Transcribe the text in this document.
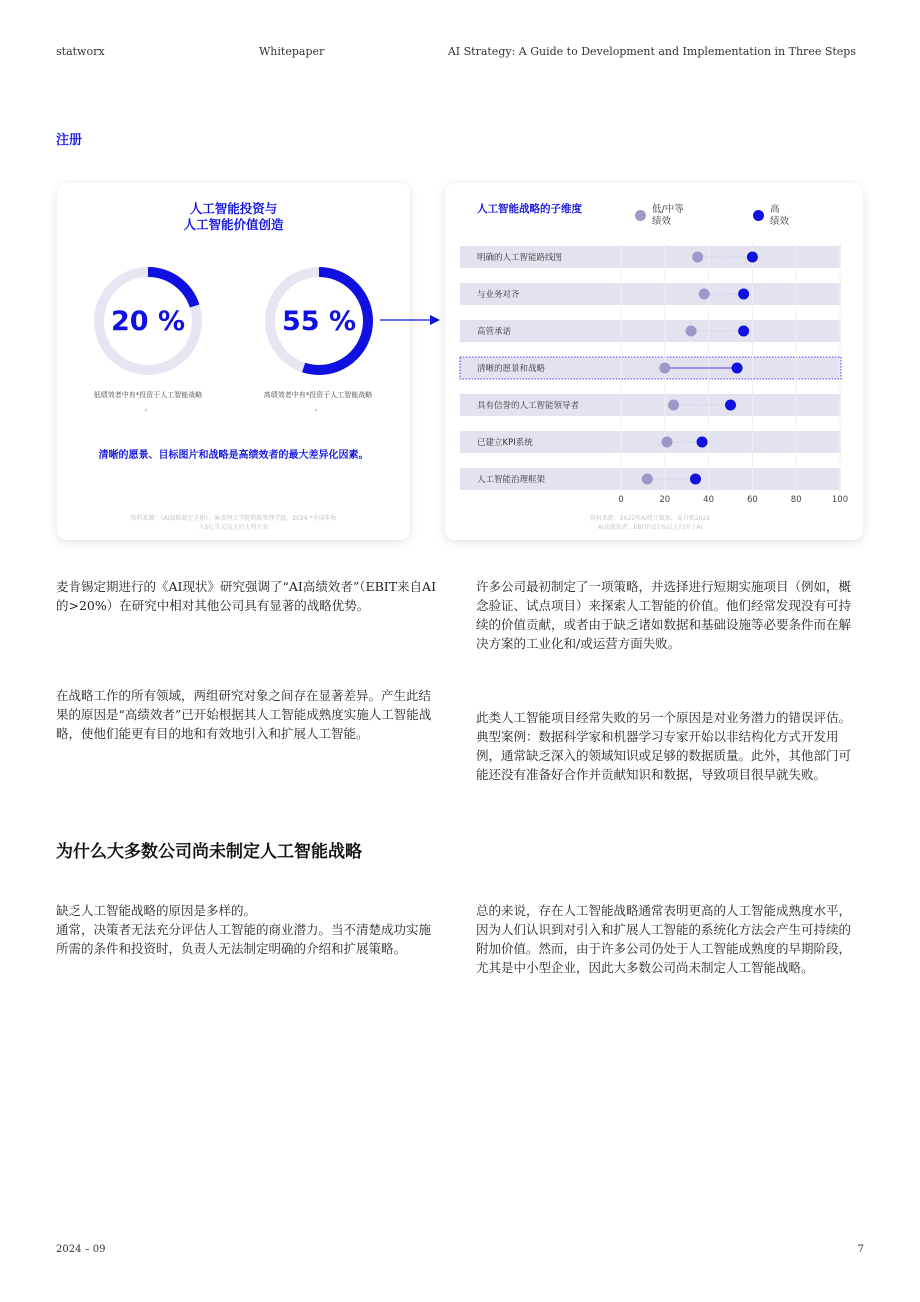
statworx	Whitepaper	AI Strategy: A Guide to Development and Implementation in Three Steps
注册
人工智能投资与
人工智能价值创造
20 %
低绩效者中有*投资于人工智能战略
。
55 %
高绩效者中有*投资于人工智能战略
。
清晰的愿景、目标图片和战略是高绩效者的最大差异化因素。
资料来源：《AI战略制定手册》，麻省理工学院斯隆管理学院，2024 *全球年收
入5亿美元以上的大型企业
人工智能战略的子维度	低/中等
绩效
高
绩效
0	20	40	60	80	100
明确的人工智能路线图
与业务对齐
高管承诺
清晰的愿景和战略
具有信誉的人工智能领导者
已建立KPI系统
人工智能治理框架
资料来源：2022年AI统计数据，麦肯锡2022
AI高绩效者：EBIT的11%以上归因于AI
麦肯锡定期进行的《AI现状》研究强调了“AI高绩效者”（EBIT来自AI的>20%）在研究中相对其他公司具有显著的战略优势。
在战略工作的所有领域，两组研究对象之间存在显著差异。产生此结果的原因是“高绩效者”已开始根据其人工智能成熟度实施人工智能战略，使他们能更有目的地和有效地引入和扩展人工智能。
许多公司最初制定了一项策略，并选择进行短期实施项目（例如，概念验证、试点项目）来探索人工智能的价值。他们经常发现没有可持续的价值贡献，或者由于缺乏诸如数据和基础设施等必要条件而在解决方案的工业化和/或运营方面失败。
此类人工智能项目经常失败的另一个原因是对业务潜力的错误评估。典型案例：数据科学家和机器学习专家开始以非结构化方式开发用例，通常缺乏深入的领域知识或足够的数据质量。此外，其他部门可能还没有准备好合作并贡献知识和数据，导致项目很早就失败。
为什么大多数公司尚未制定人工智能战略
缺乏人工智能战略的原因是多样的。
通常，决策者无法充分评估人工智能的商业潜力。当不清楚成功实施所需的条件和投资时，负责人无法制定明确的介绍和扩展策略。
总的来说，存在人工智能战略通常表明更高的人工智能成熟度水平，因为人们认识到对引入和扩展人工智能的系统化方法会产生可持续的附加价值。然而，由于许多公司仍处于人工智能成熟度的早期阶段，尤其是中小型企业，因此大多数公司尚未制定人工智能战略。
2024 – 09	7
